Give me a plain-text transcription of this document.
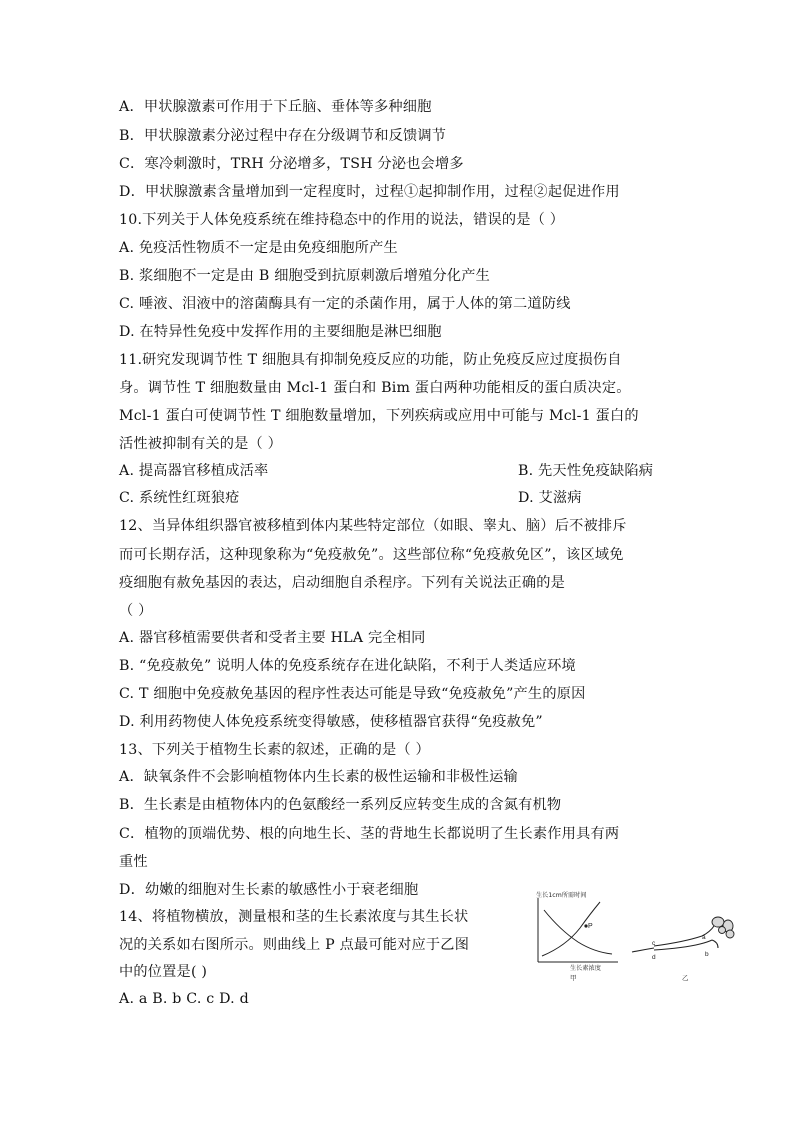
A．甲状腺激素可作用于下丘脑、垂体等多种细胞
B．甲状腺激素分泌过程中存在分级调节和反馈调节
C．寒冷刺激时，TRH 分泌增多，TSH 分泌也会增多
D．甲状腺激素含量增加到一定程度时，过程①起抑制作用，过程②起促进作用
10.下列关于人体免疫系统在维持稳态中的作用的说法，错误的是（ ）
A. 免疫活性物质不一定是由免疫细胞所产生
B. 浆细胞不一定是由 B 细胞受到抗原刺激后增殖分化产生
C. 唾液、泪液中的溶菌酶具有一定的杀菌作用，属于人体的第二道防线
D. 在特异性免疫中发挥作用的主要细胞是淋巴细胞
11.研究发现调节性 T 细胞具有抑制免疫反应的功能，防止免疫反应过度损伤自
身。调节性 T 细胞数量由 Mcl-1 蛋白和 Bim 蛋白两种功能相反的蛋白质决定。
Mcl-1 蛋白可使调节性 T 细胞数量增加，下列疾病或应用中可能与 Mcl-1 蛋白的
活性被抑制有关的是（ ）
A. 提高器官移植成活率	B. 先天性免疫缺陷病
C. 系统性红斑狼疮	D. 艾滋病
12、当异体组织器官被移植到体内某些特定部位（如眼、睾丸、脑）后不被排斥
而可长期存活，这种现象称为“免疫赦免”。这些部位称“免疫赦免区”，该区域免
疫细胞有赦免基因的表达，启动细胞自杀程序。下列有关说法正确的是
（ ）
A. 器官移植需要供者和受者主要 HLA 完全相同
B. “免疫赦免” 说明人体的免疫系统存在进化缺陷，不利于人类适应环境
C. T 细胞中免疫赦免基因的程序性表达可能是导致“免疫赦免”产生的原因
D. 利用药物使人体免疫系统变得敏感，使移植器官获得“免疫赦免”
13、下列关于植物生长素的叙述，正确的是（ ）
A．缺氧条件不会影响植物体内生长素的极性运输和非极性运输
B．生长素是由植物体内的色氨酸经一系列反应转变生成的含氮有机物
C．植物的顶端优势、根的向地生长、茎的背地生长都说明了生长素作用具有两
重性
D．幼嫩的细胞对生长素的敏感性小于衰老细胞
14、将植物横放，测量根和茎的生长素浓度与其生长状
况的关系如右图所示。则曲线上 P 点最可能对应于乙图
中的位置是( )
A. a B. b C. c D. d
P
生长1cm所需时间
生长素浓度
甲
c
a
d	b
乙
